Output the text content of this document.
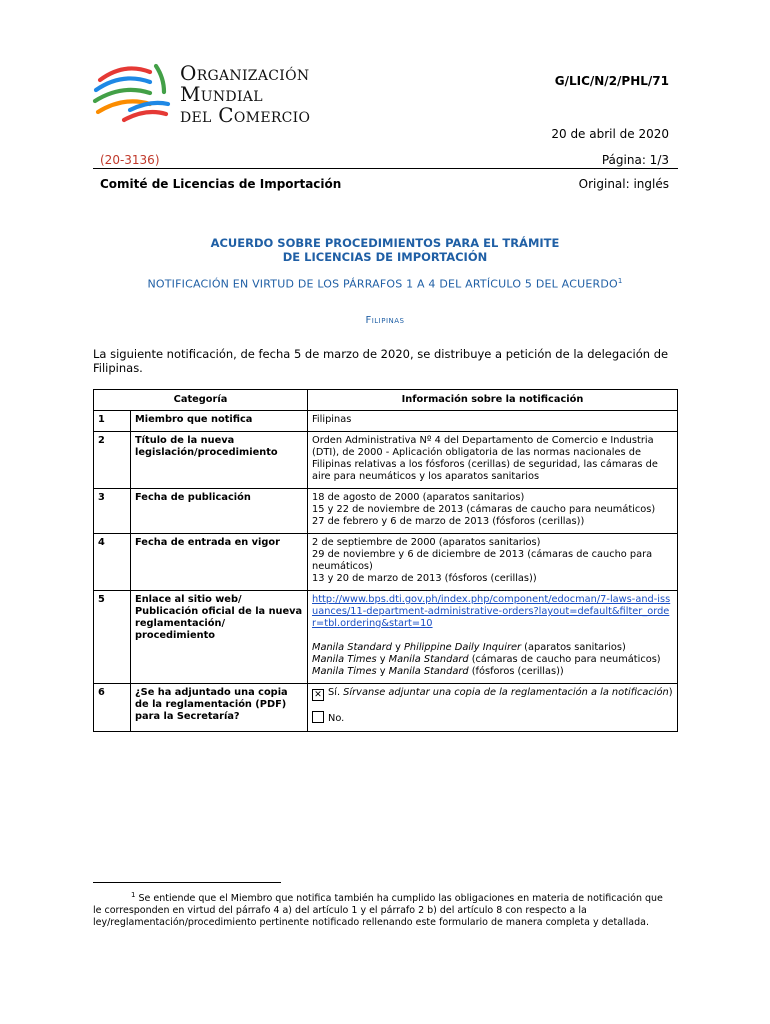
Organización
Mundial
del Comercio
G/LIC/N/2/PHL/71
20 de abril de 2020
(20-3136)	Página: 1/3
Comité de Licencias de Importación	Original: inglés
ACUERDO SOBRE PROCEDIMIENTOS PARA EL TRÁMITE
DE LICENCIAS DE IMPORTACIÓN
NOTIFICACIÓN EN VIRTUD DE LOS PÁRRAFOS 1 A 4 DEL ARTÍCULO 5 DEL ACUERDO$^1$
Filipinas
La siguiente notificación, de fecha 5 de marzo de 2020, se distribuye a petición de la delegación de Filipinas.
Categoría		Información sobre la notificación
1	Miembro que notifica	Filipinas

2	Título de la nueva legislación/procedimiento	Orden Administrativa Nº 4 del Departamento de Comercio e Industria (DTI), de 2000 - Aplicación obligatoria de las normas nacionales de Filipinas relativas a los fósforos (cerillas) de seguridad, las cámaras de aire para neumáticos y los aparatos sanitarios

3	Fecha de publicación	18 de agosto de 2000 (aparatos sanitarios)
15 y 22 de noviembre de 2013 (cámaras de caucho para neumáticos)
27 de febrero y 6 de marzo de 2013 (fósforos (cerillas))

4	Fecha de entrada en vigor	2 de septiembre de 2000 (aparatos sanitarios)
29 de noviembre y 6 de diciembre de 2013 (cámaras de caucho para neumáticos)
13 y 20 de marzo de 2013 (fósforos (cerillas))

5	Enlace al sitio web/ Publicación oficial de la nueva reglamentación/ procedimiento	http://www.bps.dti.gov.ph/index.php/component/edocman/7-laws-and-issuances/11-department-administrative-orders?layout=default&filter_order=tbl.ordering&start=10
Manila Standard y Philippine Daily Inquirer (aparatos sanitarios)
Manila Times y Manila Standard (cámaras de caucho para neumáticos)
Manila Times y Manila Standard (fósforos (cerillas))

6	¿Se ha adjuntado una copia de la reglamentación (PDF) para la Secretaría?	✕ Sí. Sírvanse adjuntar una copia de la reglamentación a la notificación)
No.

$^1$ Se entiende que el Miembro que notifica también ha cumplido las obligaciones en materia de notificación que le corresponden en virtud del párrafo 4 a) del artículo 1 y el párrafo 2 b) del artículo 8 con respecto a la ley/reglamentación/procedimiento pertinente notificado rellenando este formulario de manera completa y detallada.
